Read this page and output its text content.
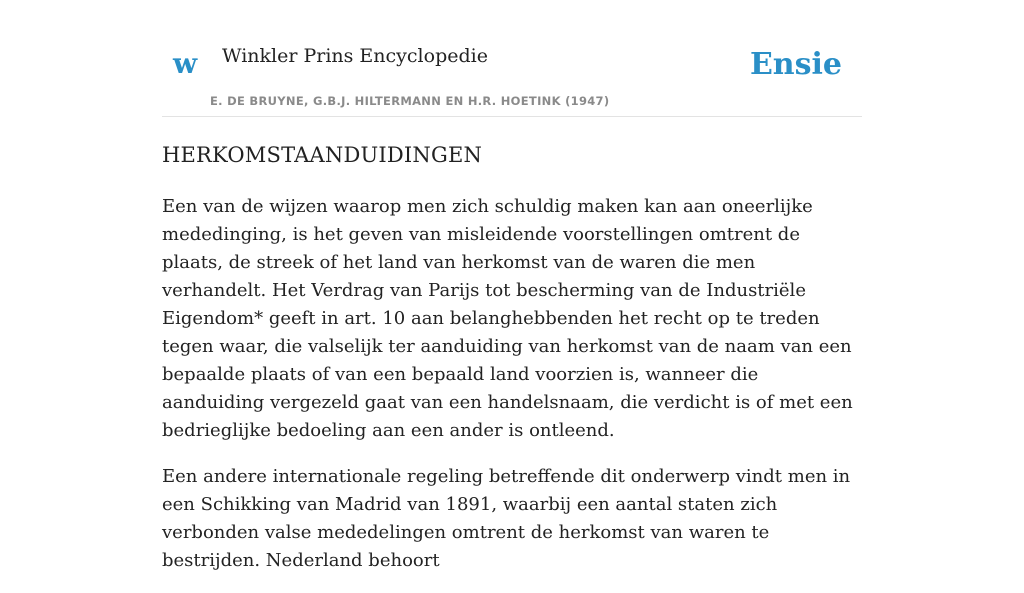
w Winkler Prins Encyclopedie
E. DE BRUYNE, G.B.J. HILTERMANN EN H.R. HOETINK (1947)
Ensie
HERKOMSTAANDUIDINGEN

Een van de wijzen waarop men zich schuldig maken kan aan oneerlijke mededinging, is het geven van misleidende voorstellingen omtrent de plaats, de streek of het land van herkomst van de waren die men verhandelt. Het Verdrag van Parijs tot bescherming van de Industriële Eigendom* geeft in art. 10 aan belanghebbenden het recht op te treden tegen waar, die valselijk ter aanduiding van herkomst van de naam van een bepaalde plaats of van een bepaald land voorzien is, wanneer die aanduiding vergezeld gaat van een handelsnaam, die verdicht is of met een bedrieglijke bedoeling aan een ander is ontleend.

Een andere internationale regeling betreffende dit onderwerp vindt men in een Schikking van Madrid van 1891, waarbij een aantal staten zich verbonden valse mededelingen omtrent de herkomst van waren te bestrijden. Nederland behoort
